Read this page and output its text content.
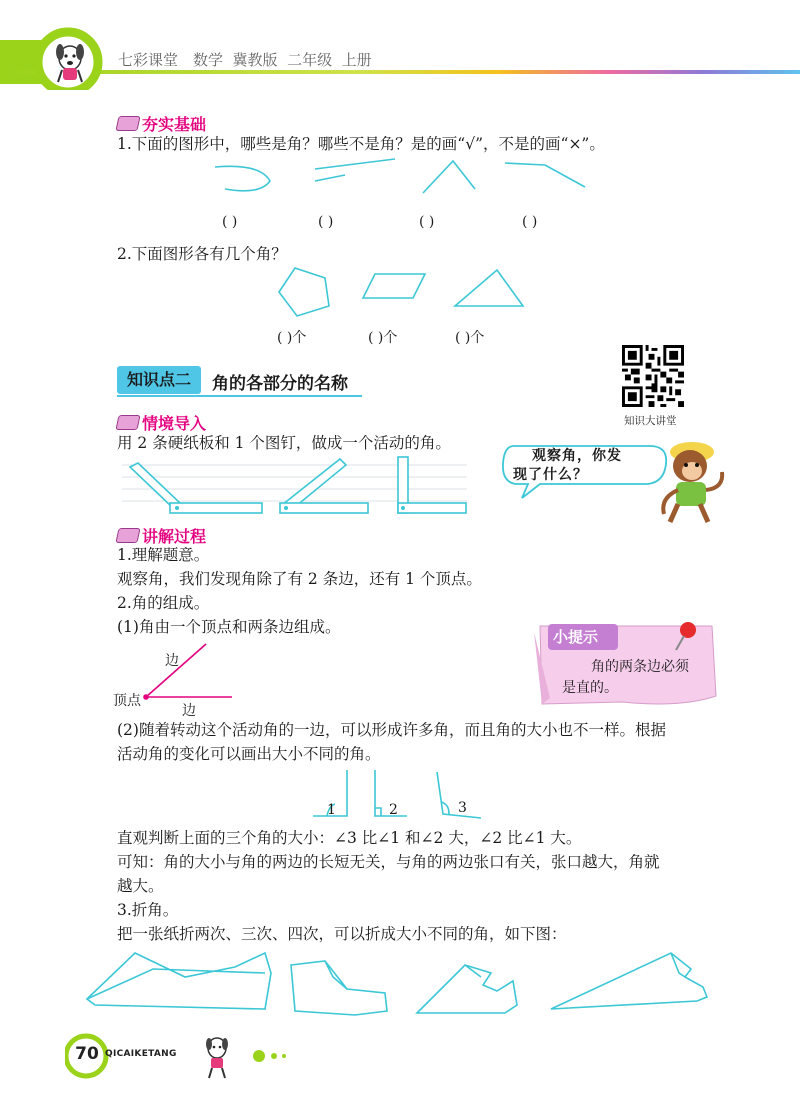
七彩课堂 数学  冀教版  二年级  上册
夯实基础
1.下面的图形中，哪些是角？哪些不是角？是的画“√”，不是的画“×”。
( )	( )	( )	( )
2.下面图形各有几个角？
( )个	( )个	( )个
知识点二	角的各部分的名称
知识大讲堂
情境导入
用 2 条硬纸板和 1 个图钉，做成一个活动的角。
观察角，你发
现了什么？
讲解过程
1.理解题意。
观察角，我们发现角除了有 2 条边，还有 1 个顶点。
2.角的组成。
(1)角由一个顶点和两条边组成。
边
顶点
边
小提示
角的两条边必须
是直的。
(2)随着转动这个活动角的一边，可以形成许多角，而且角的大小也不一样。根据
活动角的变化可以画出大小不同的角。
1	2	3
直观判断上面的三个角的大小：∠3 比∠1 和∠2 大，∠2 比∠1 大。
可知：角的大小与角的两边的长短无关，与角的两边张口有关，张口越大，角就
越大。
3.折角。
把一张纸折两次、三次、四次，可以折成大小不同的角，如下图：
70 QICAIKETANG
